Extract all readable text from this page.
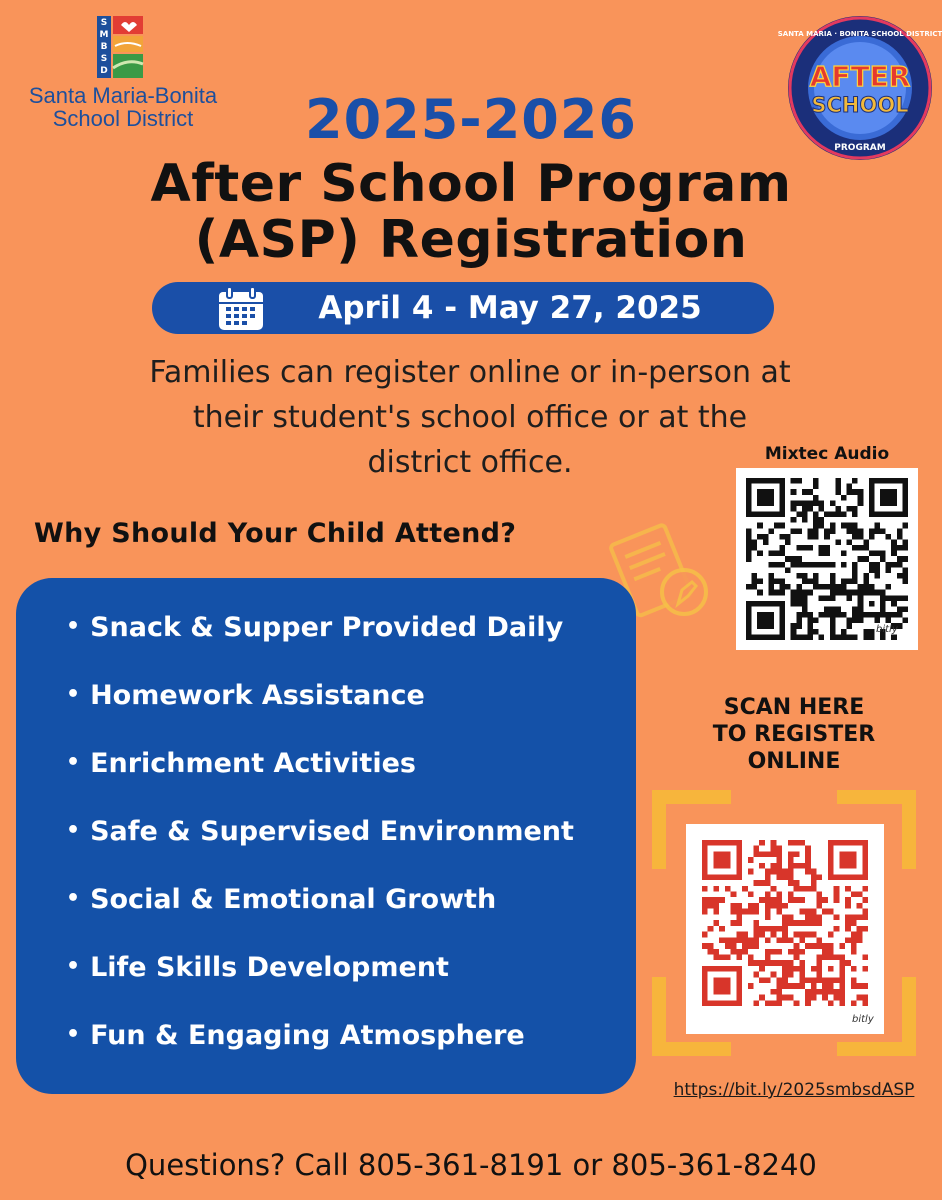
S
M
B
S
D
Santa Maria-Bonita
School District
SANTA MARIA · BONITA SCHOOL DISTRICT
AFTER
SCHOOL
PROGRAM
2025-2026
After School Program
(ASP) Registration
April 4 - May 27, 2025
Families can register online or in-person at
their student's school office or at the
district office.	Mixtec Audio
bitly
Why Should Your Child Attend?
• Snack & Supper Provided Daily
• Homework Assistance
• Enrichment Activities
• Safe & Supervised Environment
• Social & Emotional Growth
• Life Skills Development
• Fun & Engaging Atmosphere
SCAN HERE
TO REGISTER
ONLINE
bitly
https://bit.ly/2025smbsdASP
Questions? Call 805-361-8191 or 805-361-8240
